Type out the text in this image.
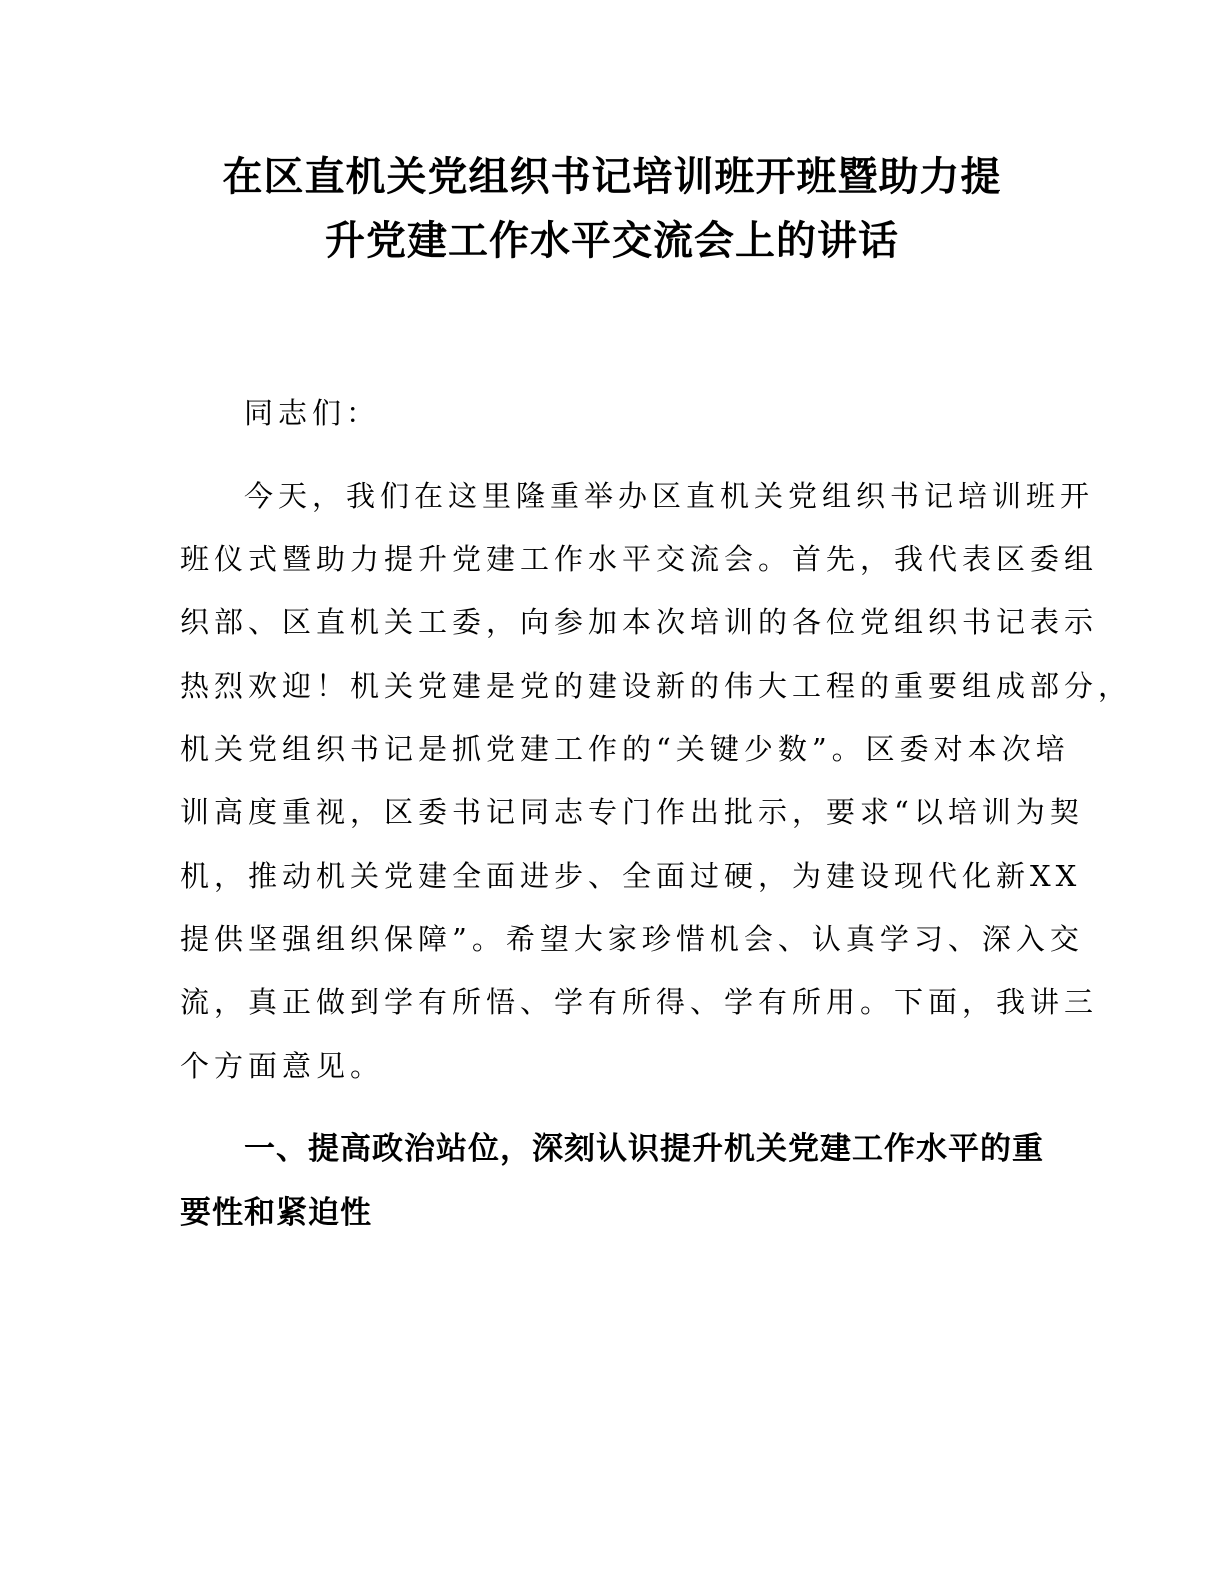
在区直机关党组织书记培训班开班暨助力提
升党建工作水平交流会上的讲话
同志们：
今天，我们在这里隆重举办区直机关党组织书记培训班开
班仪式暨助力提升党建工作水平交流会。首先，我代表区委组
织部、区直机关工委，向参加本次培训的各位党组织书记表示
热烈欢迎！机关党建是党的建设新的伟大工程的重要组成部分，
机关党组织书记是抓党建工作的“关键少数”。区委对本次培
训高度重视，区委书记同志专门作出批示，要求“以培训为契
机，推动机关党建全面进步、全面过硬，为建设现代化新XX
提供坚强组织保障”。希望大家珍惜机会、认真学习、深入交
流，真正做到学有所悟、学有所得、学有所用。下面，我讲三
个方面意见。
一、提高政治站位，深刻认识提升机关党建工作水平的重
要性和紧迫性
